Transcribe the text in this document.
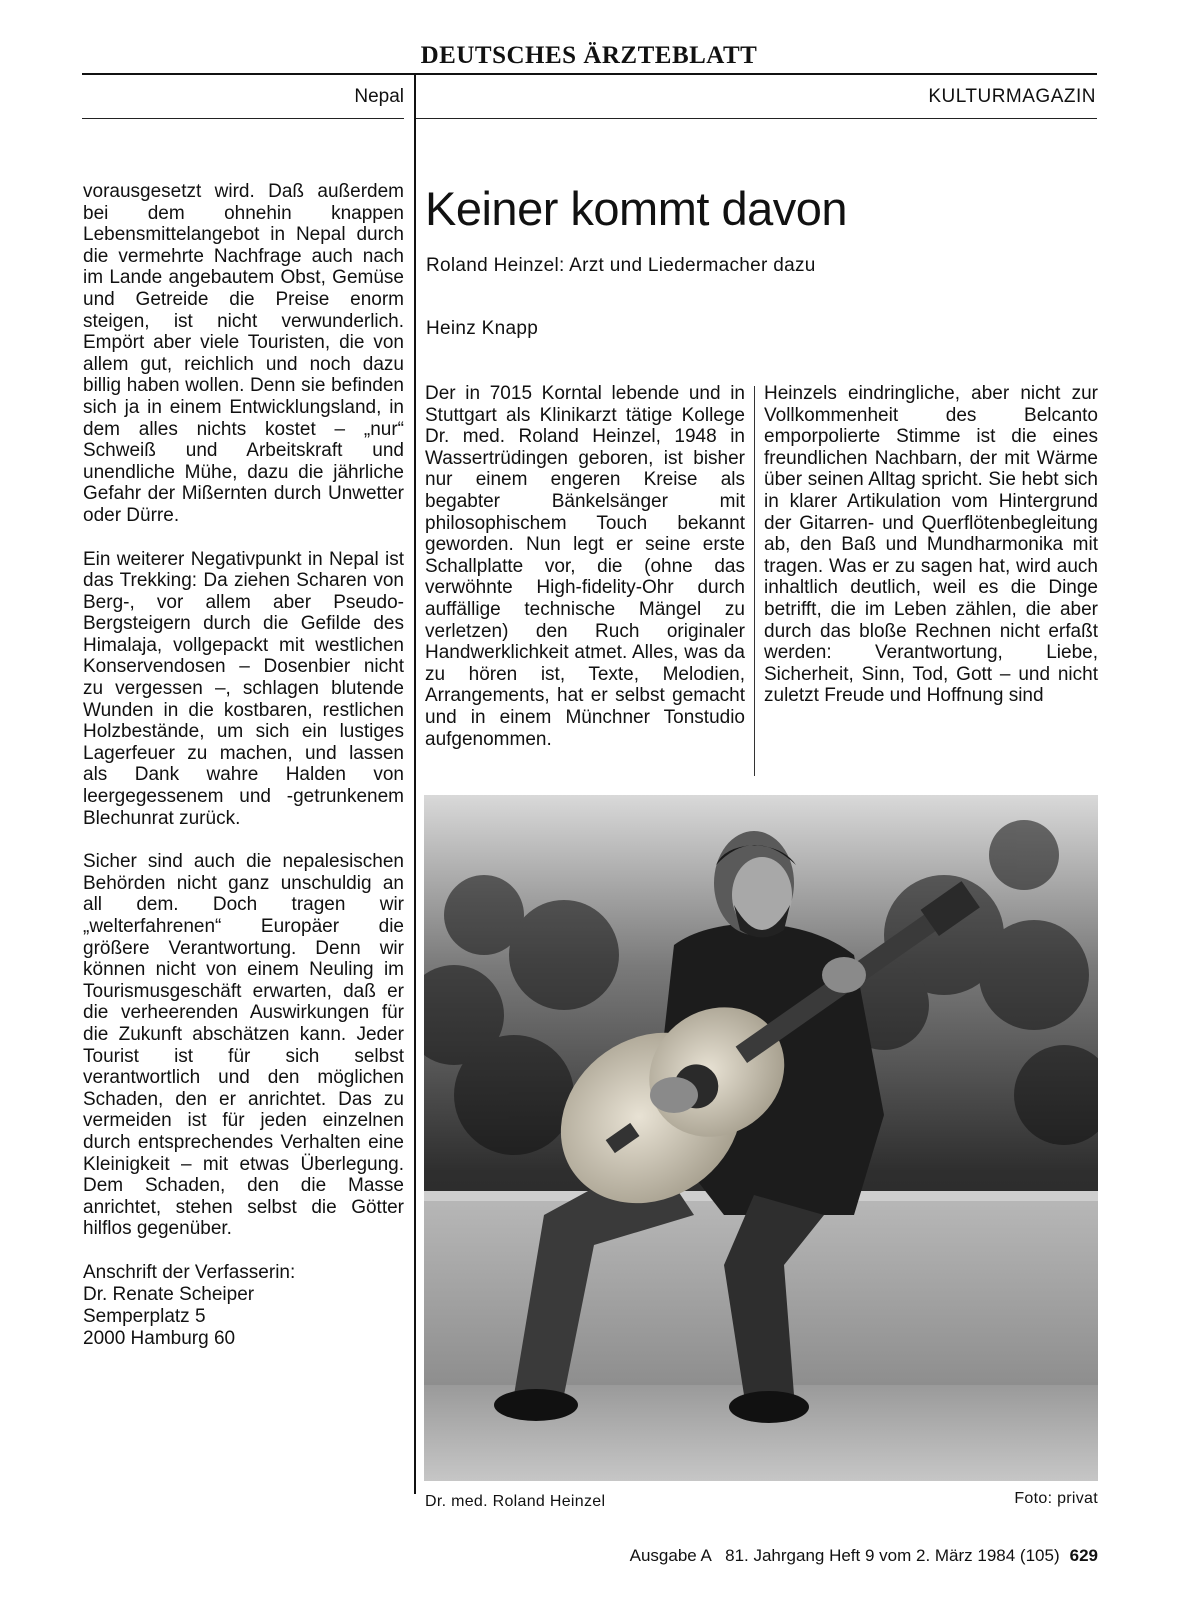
DEUTSCHES ÄRZTEBLATT
Nepal	KULTURMAGAZIN

vorausgesetzt wird. Daß außerdem bei dem ohnehin knappen Lebensmittelangebot in Nepal durch die vermehrte Nachfrage auch nach im Lande angebautem Obst, Gemüse und Getreide die Preise enorm steigen, ist nicht verwunderlich. Empört aber viele Touristen, die von allem gut, reichlich und noch dazu billig haben wollen. Denn sie befinden sich ja in einem Entwicklungsland, in dem alles nichts kostet – „nur“ Schweiß und Arbeitskraft und unendliche Mühe, dazu die jährliche Gefahr der Mißernten durch Unwetter oder Dürre.

Ein weiterer Negativpunkt in Nepal ist das Trekking: Da ziehen Scharen von Berg-, vor allem aber Pseudo-Bergsteigern durch die Gefilde des Himalaja, vollgepackt mit westlichen Konservendosen – Dosenbier nicht zu vergessen –, schlagen blutende Wunden in die kostbaren, restlichen Holzbestände, um sich ein lustiges Lagerfeuer zu machen, und lassen als Dank wahre Halden von leergegessenem und -getrunkenem Blechunrat zurück.

Sicher sind auch die nepalesischen Behörden nicht ganz unschuldig an all dem. Doch tragen wir „welterfahrenen“ Europäer die größere Verantwortung. Denn wir können nicht von einem Neuling im Tourismusgeschäft erwarten, daß er die verheerenden Auswirkungen für die Zukunft abschätzen kann. Jeder Tourist ist für sich selbst verantwortlich und den möglichen Schaden, den er anrichtet. Das zu vermeiden ist für jeden einzelnen durch entsprechendes Verhalten eine Kleinigkeit – mit etwas Überlegung. Dem Schaden, den die Masse anrichtet, stehen selbst die Götter hilflos gegenüber.

Anschrift der Verfasserin:
Dr. Renate Scheiper
Semperplatz 5
2000 Hamburg 60
Keiner kommt davon
Roland Heinzel: Arzt und Liedermacher dazu
Heinz Knapp

Der in 7015 Korntal lebende und in Stuttgart als Klinikarzt tätige Kollege Dr. med. Roland Heinzel, 1948 in Wassertrüdingen geboren, ist bisher nur einem engeren Kreise als begabter Bänkelsänger mit philosophischem Touch bekannt geworden. Nun legt er seine erste Schallplatte vor, die (ohne das verwöhnte High-fidelity-Ohr durch auffällige technische Mängel zu verletzen) den Ruch originaler Handwerklichkeit atmet. Alles, was da zu hören ist, Texte, Melodien, Arrangements, hat er selbst gemacht und in einem Münchner Tonstudio aufgenommen.

Heinzels eindringliche, aber nicht zur Vollkommenheit des Belcanto emporpolierte Stimme ist die eines freundlichen Nachbarn, der mit Wärme über seinen Alltag spricht. Sie hebt sich in klarer Artikulation vom Hintergrund der Gitarren- und Querflötenbegleitung ab, den Baß und Mundharmonika mit tragen. Was er zu sagen hat, wird auch inhaltlich deutlich, weil es die Dinge betrifft, die im Leben zählen, die aber durch das bloße Rechnen nicht erfaßt werden: Verantwortung, Liebe, Sicherheit, Sinn, Tod, Gott – und nicht zuletzt Freude und Hoffnung sind

Dr. med. Roland Heinzel	Foto: privat
Ausgabe A   81. Jahrgang Heft 9 vom 2. März 1984 (105) 629
